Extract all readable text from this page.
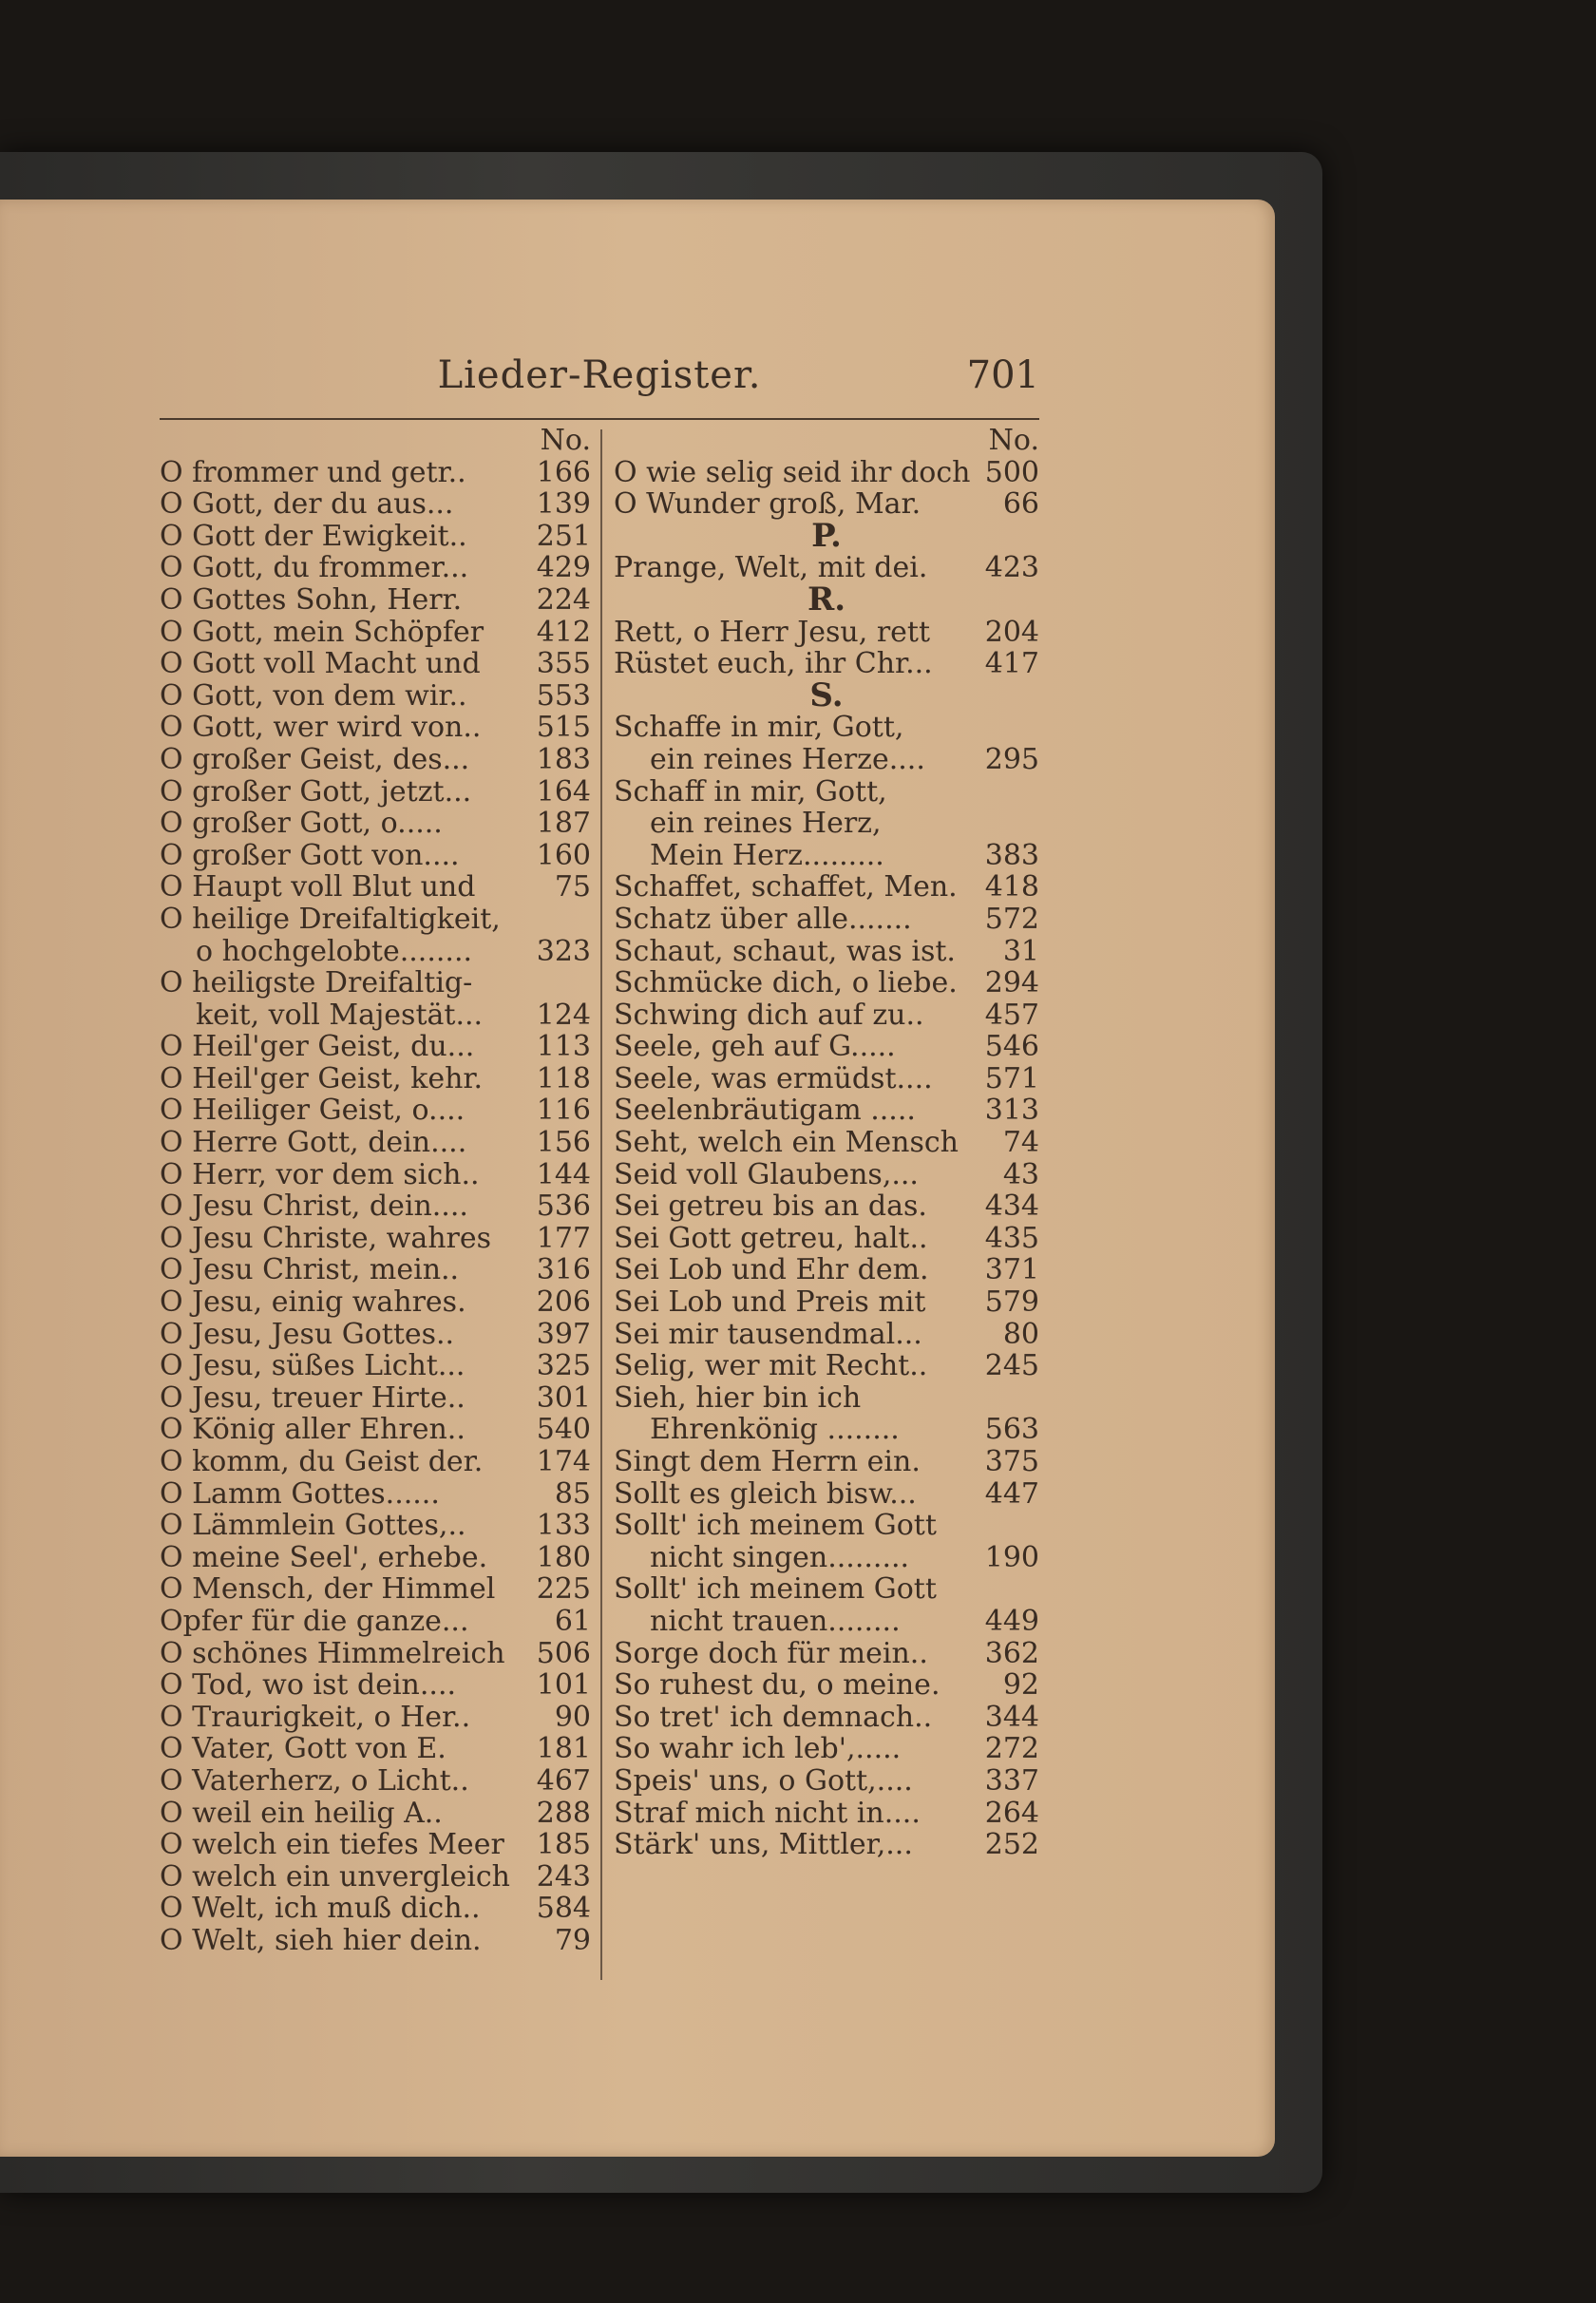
Lieder-Register.	701
No.
O frommer und getr.. 166
O Gott, der du aus...	139
O Gott der Ewigkeit.. 251
O Gott, du frommer... 429
O Gottes Sohn, Herr.	224
O Gott, mein Schöpfer 412
O Gott voll Macht und 355
O Gott, von dem wir.. 553
O Gott, wer wird von.. 515
O großer Geist, des... 183
O großer Gott, jetzt... 164
O großer Gott, o.....	187
O großer Gott von....	160
O Haupt voll Blut und	75
O heilige Dreifaltigkeit,
o hochgelobte........ 323
O heiligste Dreifaltig-
keit, voll Majestät... 124
O Heil'ger Geist, du... 113
O Heil'ger Geist, kehr. 118
O Heiliger Geist, o....	116
O Herre Gott, dein.... 156
O Herr, vor dem sich.. 144
O Jesu Christ, dein.... 536
O Jesu Christe, wahres 177
O Jesu Christ, mein..	316
O Jesu, einig wahres. 206
O Jesu, Jesu Gottes..	397
O Jesu, süßes Licht...	325
O Jesu, treuer Hirte.. 301
O König aller Ehren.. 540
O komm, du Geist der. 174
O Lamm Gottes......	85
O Lämmlein Gottes,.. 133
O meine Seel', erhebe. 180
O Mensch, der Himmel 225
Opfer für die ganze...	61
O schönes Himmelreich 506
O Tod, wo ist dein....	101
O Traurigkeit, o Her..	90
O Vater, Gott von E.	181
O Vaterherz, o Licht.. 467
O weil ein heilig A..	288
O welch ein tiefes Meer 185
O welch ein unvergleich 243
O Welt, ich muß dich.. 584
O Welt, sieh hier dein.	79
No.
O wie selig seid ihr doch 500
O Wunder groß, Mar.	66
P.
Prange, Welt, mit dei. 423
R.
Rett, o Herr Jesu, rett 204
Rüstet euch, ihr Chr... 417
S.
Schaffe in mir, Gott,
ein reines Herze.... 295
Schaff in mir, Gott,
ein reines Herz,
Mein Herz.........	383
Schaffet, schaffet, Men. 418
Schatz über alle.......	572
Schaut, schaut, was ist. 31
Schmücke dich, o liebe. 294
Schwing dich auf zu.. 457
Seele, geh auf G.....	546
Seele, was ermüdst.... 571
Seelenbräutigam ..... 313
Seht, welch ein Mensch 74
Seid voll Glaubens,...	43
Sei getreu bis an das. 434
Sei Gott getreu, halt.. 435
Sei Lob und Ehr dem. 371
Sei Lob und Preis mit 579
Sei mir tausendmal...	80
Selig, wer mit Recht.. 245
Sieh, hier bin ich
Ehrenkönig ........	563
Singt dem Herrn ein. 375
Sollt es gleich bisw... 447
Sollt' ich meinem Gott
nicht singen.........	190
Sollt' ich meinem Gott
nicht trauen........	449
Sorge doch für mein.. 362
So ruhest du, o meine. 92
So tret' ich demnach.. 344
So wahr ich leb',.....	272
Speis' uns, o Gott,....	337
Straf mich nicht in.... 264
Stärk' uns, Mittler,...	252
